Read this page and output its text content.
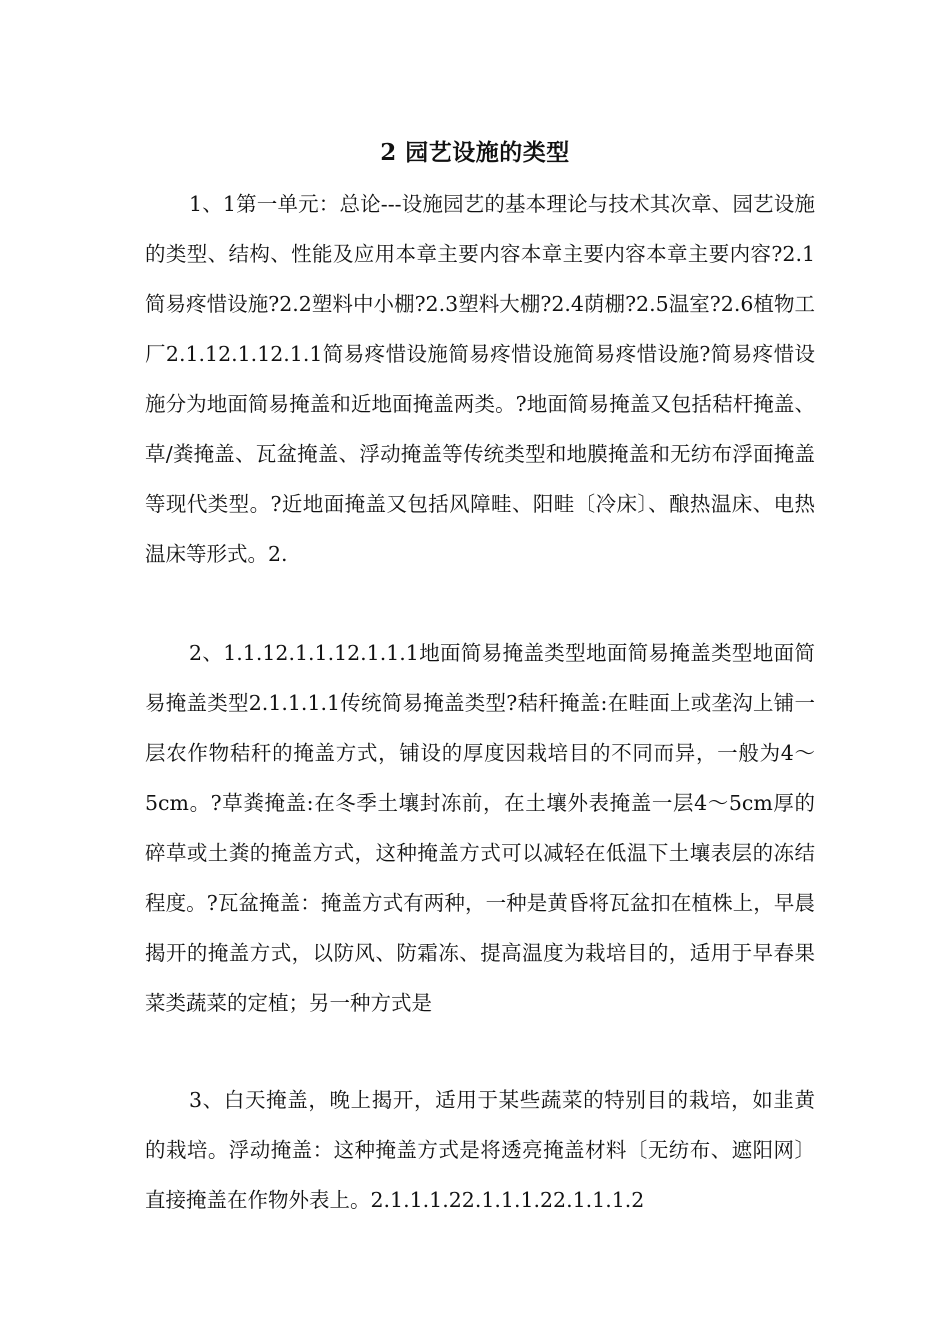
2 园艺设施的类型

1、1第一单元：总论---设施园艺的基本理论与技术其次章、园艺设施的类型、结构、性能及应用本章主要内容本章主要内容本章主要内容?2.1简易疼惜设施?2.2塑料中小棚?2.3塑料大棚?2.4荫棚?2.5温室?2.6植物工厂2.1.12.1.12.1.1简易疼惜设施简易疼惜设施简易疼惜设施?简易疼惜设施分为地面简易掩盖和近地面掩盖两类。?地面简易掩盖又包括秸杆掩盖、草/粪掩盖、瓦盆掩盖、浮动掩盖等传统类型和地膜掩盖和无纺布浮面掩盖等现代类型。?近地面掩盖又包括风障畦、阳畦〔冷床〕、酿热温床、电热温床等形式。2.

2、1.1.12.1.1.12.1.1.1地面简易掩盖类型地面简易掩盖类型地面简易掩盖类型2.1.1.1.1传统简易掩盖类型?秸秆掩盖:在畦面上或垄沟上铺一层农作物秸秆的掩盖方式，铺设的厚度因栽培目的不同而异，一般为4～5cm。?草粪掩盖:在冬季土壤封冻前，在土壤外表掩盖一层4～5cm厚的碎草或土粪的掩盖方式，这种掩盖方式可以减轻在低温下土壤表层的冻结程度。?瓦盆掩盖：掩盖方式有两种，一种是黄昏将瓦盆扣在植株上，早晨揭开的掩盖方式，以防风、防霜冻、提高温度为栽培目的，适用于早春果菜类蔬菜的定植；另一种方式是

3、白天掩盖，晚上揭开，适用于某些蔬菜的特别目的栽培，如韭黄的栽培。浮动掩盖：这种掩盖方式是将透亮掩盖材料〔无纺布、遮阳网〕直接掩盖在作物外表上。2.1.1.1.22.1.1.1.22.1.1.1.2
